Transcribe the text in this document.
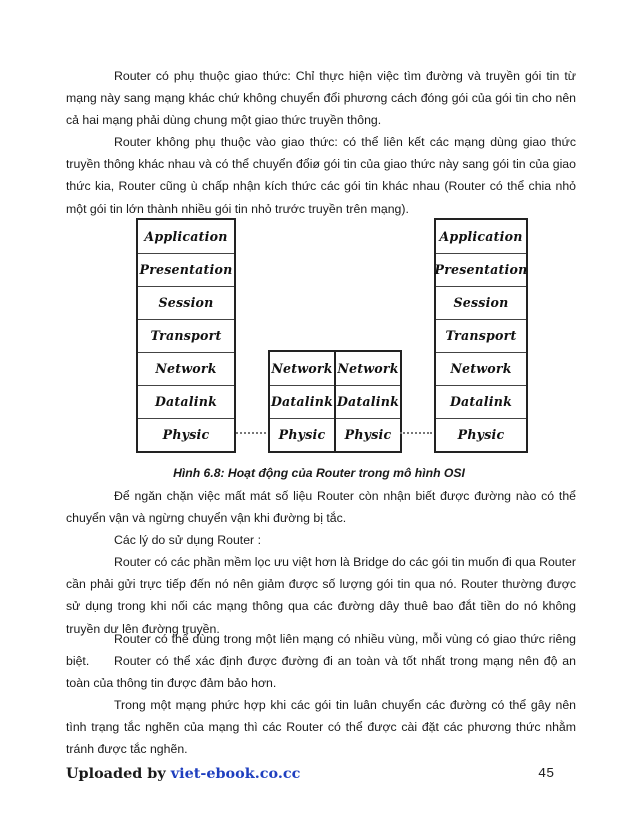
Router có phụ thuộc giao thức: Chỉ thực hiện việc tìm đường và truyền gói tin từ mạng này sang mạng khác chứ không chuyển đổi phương cách đóng gói của gói tin cho nên cả hai mạng phải dùng chung một giao thức truyền thông.

Router không phụ thuộc vào giao thức: có thể liên kết các mạng dùng giao thức truyền thông khác nhau và có thể chuyển đổiø gói tin của giao thức này sang gói tin của giao thức kia, Router cũng ù chấp nhận kích thức các gói tin khác nhau (Router có thể chia nhỏ một gói tin lớn thành nhiều gói tin nhỏ trước truyền trên mạng).

Application
Presentation
Session
Transport
Network
Datalink
Physic
Network
Datalink
Physic
Network
Datalink
Physic
Application
Presentation
Session
Transport
Network
Datalink
Physic
Hình 6.8: Hoạt động của Router trong mô hình OSI

Để ngăn chặn việc mất mát số liệu Router còn nhận biết được đường nào có thể chuyển vận và ngừng chuyển vận khi đường bị tắc.

Các lý do sử dụng Router :

Router có các phần mềm lọc ưu việt hơn là Bridge do các gói tin muốn đi qua Router cần phải gửi trực tiếp đến nó nên giảm được số lượng gói tin qua nó. Router thường được sử dụng trong khi nối các mạng thông qua các đường dây thuê bao đắt tiền do nó không truyền dư lên đường truyền.

Router có thể dùng trong một liên mạng có nhiều vùng, mỗi vùng có giao thức riêng biệt.	Router có thể xác định được đường đi an toàn và tốt nhất trong mạng nên độ an toàn của thông tin được đảm bảo hơn.

Trong một mạng phức hợp khi các gói tin luân chuyển các đường có thể gây nên tình trạng tắc nghẽn của mạng thì các Router có thể được cài đặt các phương thức nhằm tránh được tắc nghẽn.

Uploaded by viet-ebook.co.cc	45
